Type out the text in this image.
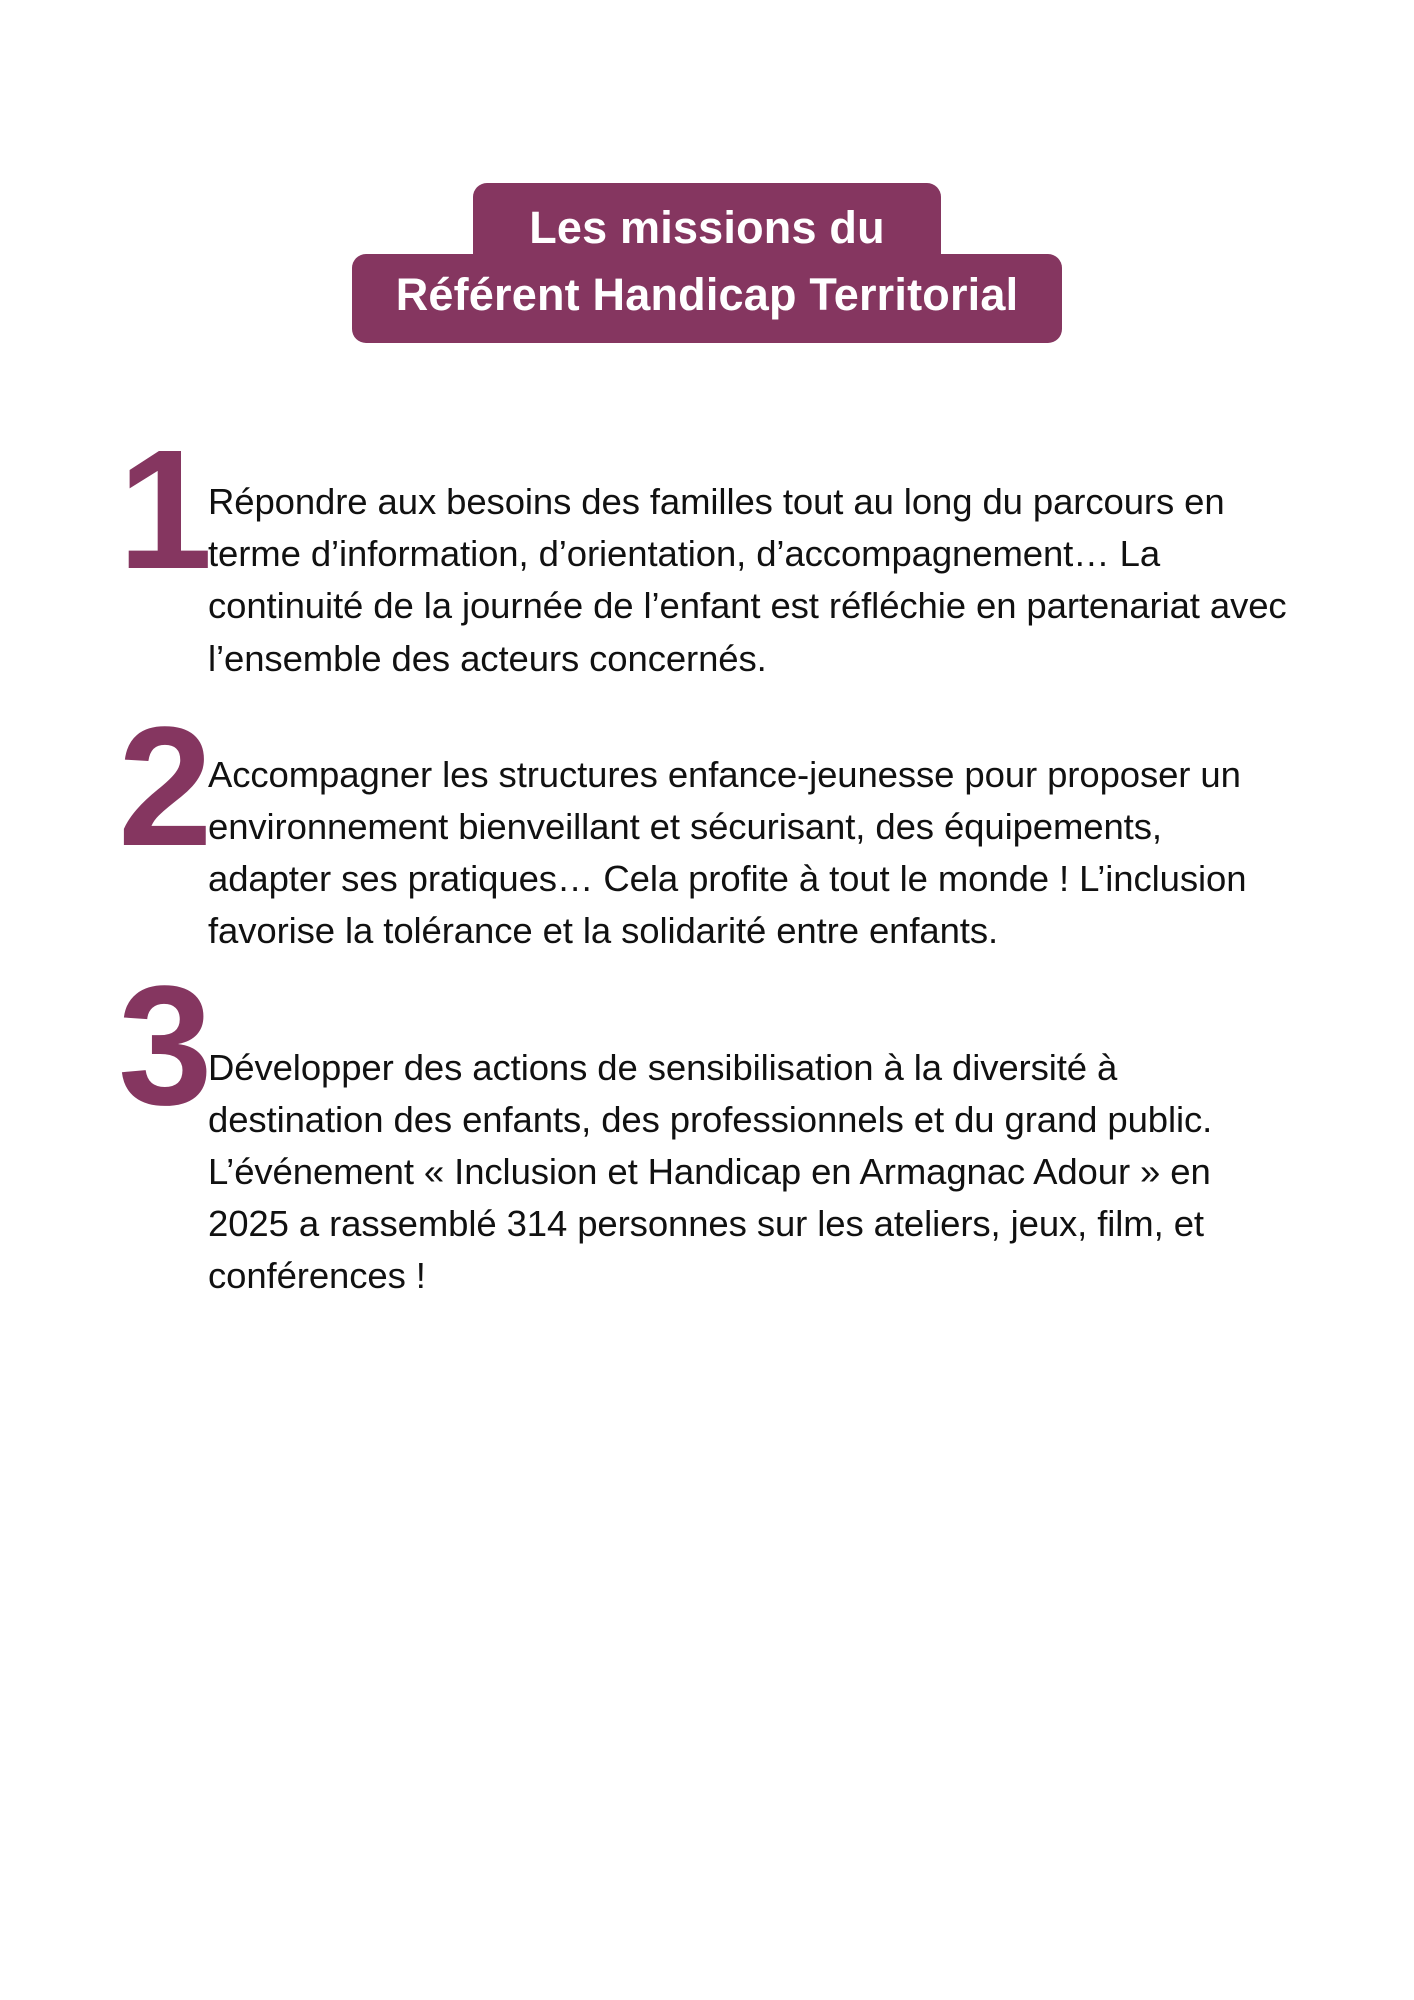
Les missions du
Référent Handicap Territorial
1

Répondre aux besoins des familles tout au long du parcours en terme d’information, d’orientation, d’accompagnement… La continuité de la journée de l’enfant est réfléchie en partenariat avec l’ensemble des acteurs concernés.

2

Accompagner les structures enfance-jeunesse pour proposer un environnement bienveillant et sécurisant, des équipements, adapter ses pratiques… Cela profite à tout le monde ! L’inclusion favorise la tolérance et la solidarité entre enfants.

3

Développer des actions de sensibilisation à la diversité à destination des enfants, des professionnels et du grand public. L’événement « Inclusion et Handicap en Armagnac Adour » en 2025 a rassemblé 314 personnes sur les ateliers, jeux, film, et conférences !
